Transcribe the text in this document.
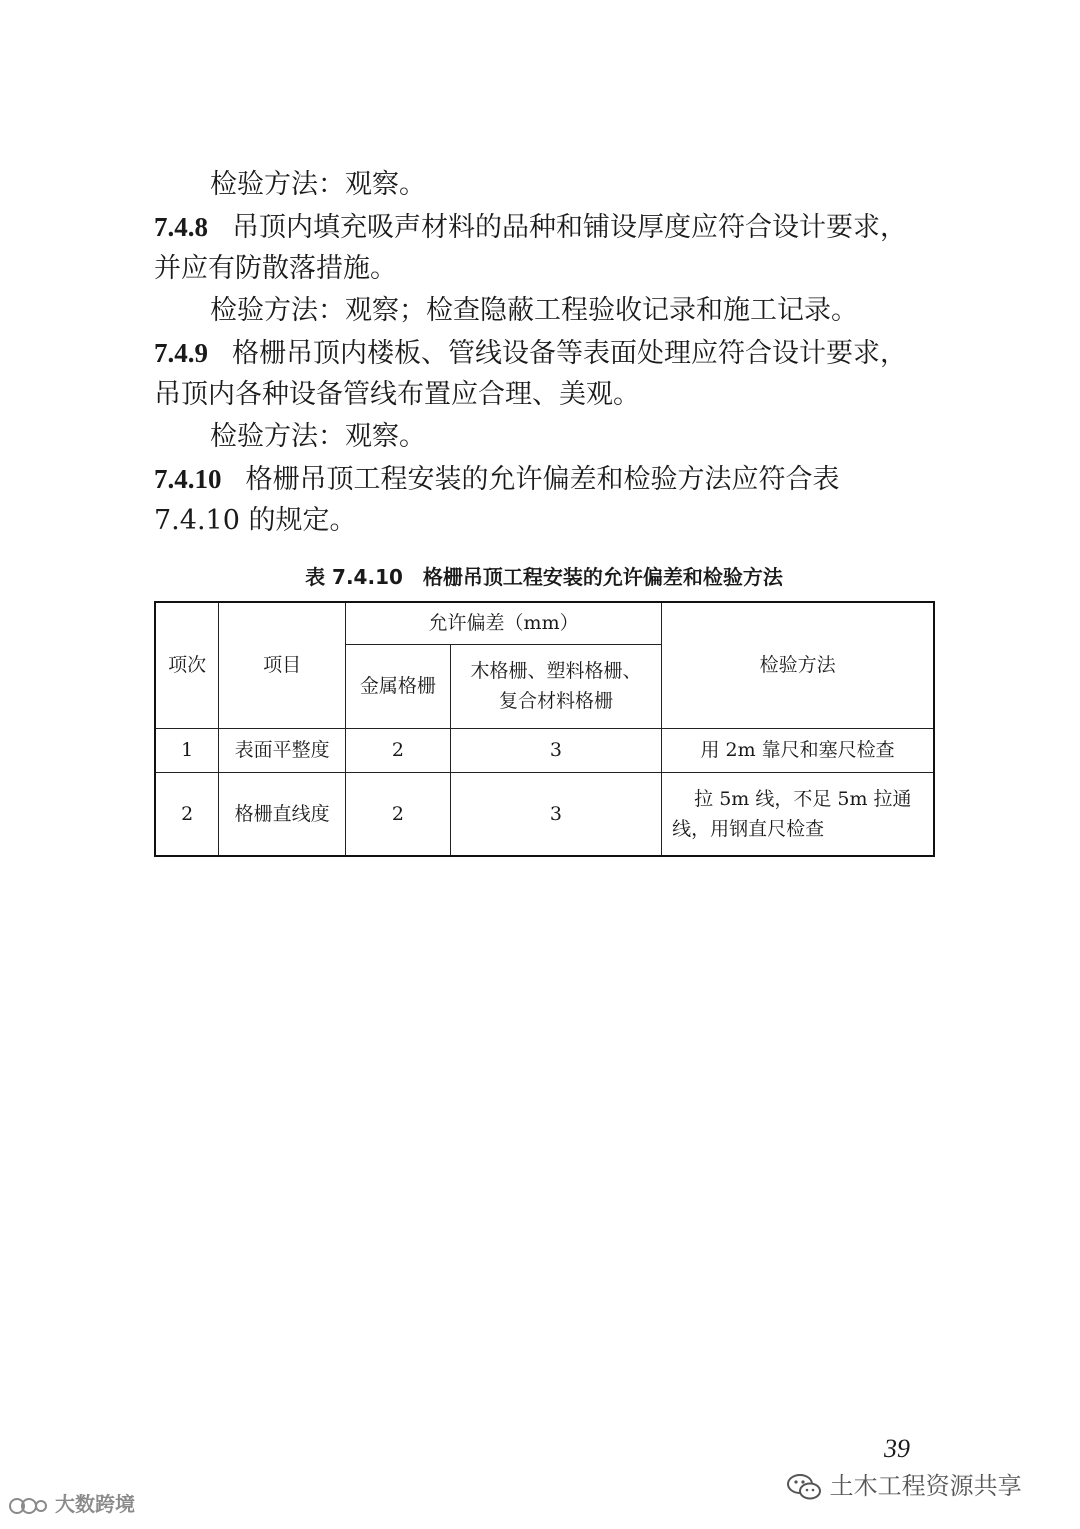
检验方法：观察。
7.4.8 吊顶内填充吸声材料的品种和铺设厚度应符合设计要求，
并应有防散落措施。
检验方法：观察；检查隐蔽工程验收记录和施工记录。
7.4.9 格栅吊顶内楼板、管线设备等表面处理应符合设计要求，
吊顶内各种设备管线布置应合理、美观。
检验方法：观察。
7.4.10 格栅吊顶工程安装的允许偏差和检验方法应符合表
7.4.10 的规定。
表 7.4.10　格栅吊顶工程安装的允许偏差和检验方法
项次	项目	允许偏差（mm）		检验方法
		金属格栅	木格栅、塑料格栅、
复合材料格栅	

1	表面平整度	2	3	用 2m 靠尺和塞尺检查
2	格栅直线度	2	3	拉 5m 线，不足 5m 拉通
线，用钢直尺检查
39
大数跨境
土木工程资源共享
